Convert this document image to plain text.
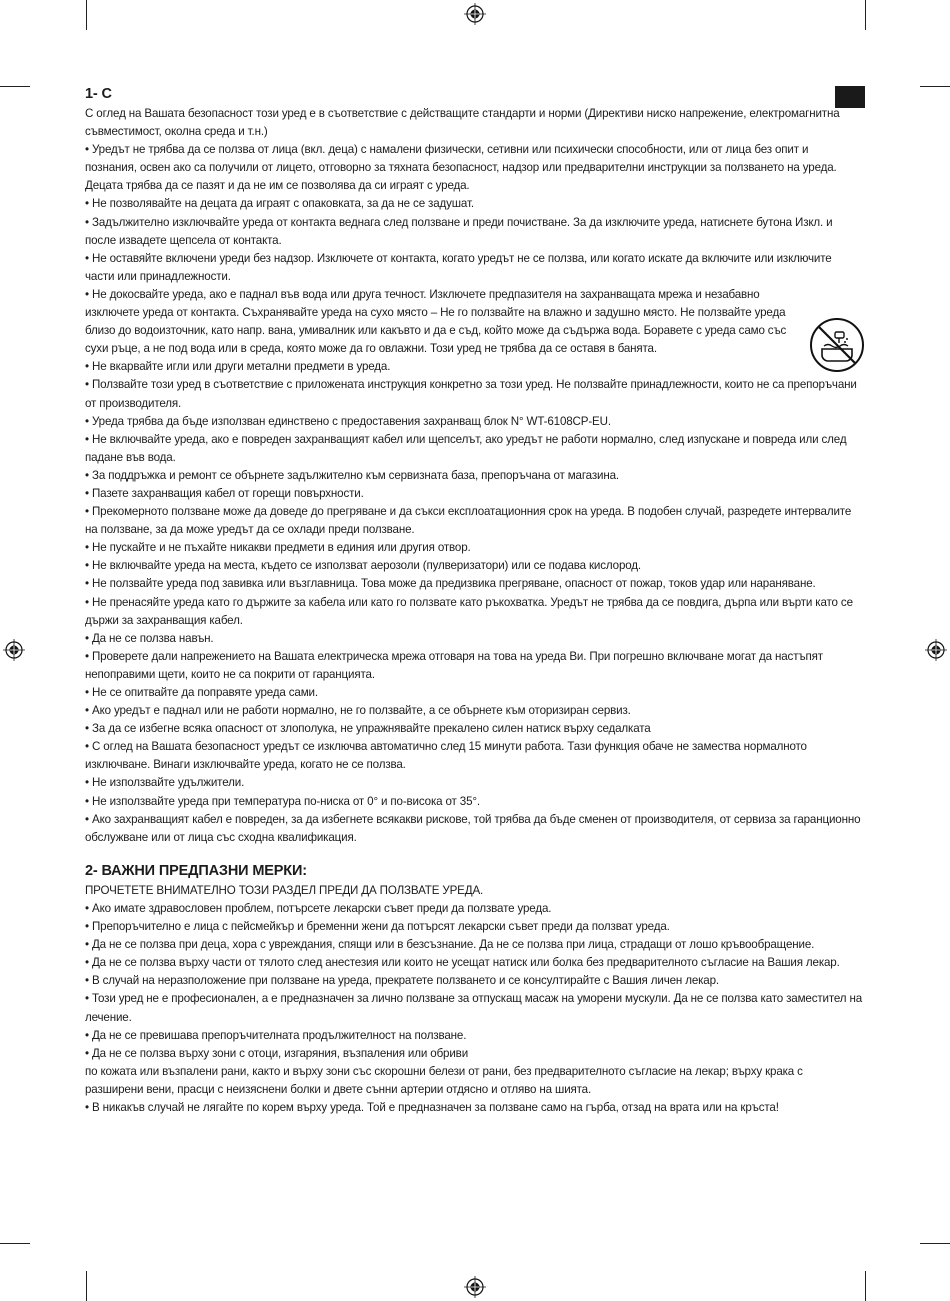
1- С

С оглед на Вашата безопасност този уред е в съответствие с действащите стандарти и норми (Директиви ниско напрежение, електромагнитна съвместимост, околна среда и т.н.)

• Уредът не трябва да се ползва от лица (вкл. деца) с намалени физически, сетивни или психически способности, или от лица без опит и познания, освен ако са получили от лицето, отговорно за тяхната безопасност, надзор или предварителни инструкции за ползването на уреда. Децата трябва да се пазят и да не им се позволява да си играят с уреда.

• Не позволявайте на децата да играят с опаковката, за да не се задушат.

• Задължително изключвайте уреда от контакта веднага след ползване и преди почистване. За да изключите уреда, натиснете бутона Изкл. и после извадете щепсела от контакта.

• Не оставяйте включени уреди без надзор. Изключете от контакта, когато уредът не се ползва, или когато искате да включите или изключите части или принадлежности.

• Не докосвайте уреда, ако е паднал във вода или друга течност. Изключете предпазителя на захранващата мрежа и незабавно изключете уреда от контакта. Съхранявайте уреда на сухо място – Не го ползвайте на влажно и задушно място. Не ползвайте уреда близо до водоизточник, като напр. вана, умивалник или какъвто и да е съд, който може да съдържа вода. Боравете с уреда само със сухи ръце, а не под вода или в среда, която може да го овлажни. Този уред не трябва да се оставя в банята.

• Не вкарвайте игли или други метални предмети в уреда.

• Ползвайте този уред в съответствие с приложената инструкция конкретно за този уред. Не ползвайте принадлежности, които не са препоръчани от производителя.

• Уреда трябва да бъде използван единствено с предоставения захранващ блок N° WT-6108CP-EU.

• Не включвайте уреда, ако е повреден захранващият кабел или щепселът, ако уредът не работи нормално, след изпускане и повреда или след падане във вода.

• За поддръжка и ремонт се обърнете задължително към сервизната база, препоръчана от магазина.

• Пазете захранващия кабел от горещи повърхности.

• Прекомерното ползване може да доведе до прегряване и да съкси експлоатационния срок на уреда. В подобен случай, разредете интервалите на ползване, за да може уредът да се охлади преди ползване.

• Не пускайте и не пъхайте никакви предмети в единия или другия отвор.

• Не включвайте уреда на места, където се използват аерозоли (пулверизатори) или се подава кислород.

• Не ползвайте уреда под завивка или възглавница. Това може да предизвика прегряване, опасност от пожар, токов удар или нараняване.

• Не пренасяйте уреда като го държите за кабела или като го ползвате като ръкохватка. Уредът не трябва да се повдига, дърпа или върти като се държи за захранващия кабел.

• Да не се ползва навън.

• Проверете дали напрежението на Вашата електрическа мрежа отговаря на това на уреда Ви. При погрешно включване могат да настъпят непоправими щети, които не са покрити от гаранцията.

• Не се опитвайте да поправяте уреда сами.

• Ако уредът е паднал или не работи нормално, не го ползвайте, а се обърнете към оторизиран сервиз.

• За да се избегне всяка опасност от злополука, не упражнявайте прекалено силен натиск върху седалката

• С оглед на Вашата безопасност уредът се изключва автоматично след 15 минути работа. Тази функция обаче не замества нормалното изключване. Винаги изключвайте уреда, когато не се ползва.

• Не използвайте удължители.

• Не използвайте уреда при температура по-ниска от 0° и по-висока от 35°.

• Ако захранващият кабел е повреден, за да избегнете всякакви рискове, той трябва да бъде сменен от производителя, от сервиза за гаранционно обслужване или от лица със сходна квалификация.

2- ВАЖНИ ПРЕДПАЗНИ МЕРКИ:

ПРОЧЕТЕТЕ ВНИМАТЕЛНО ТОЗИ РАЗДЕЛ ПРЕДИ ДА ПОЛЗВАТЕ УРЕДА.

• Ако имате здравословен проблем, потърсете лекарски съвет преди да ползвате уреда.

• Препоръчително е лица с пейсмейкър и бременни жени да потърсят лекарски съвет преди да ползват уреда.

• Да не се ползва при деца, хора с увреждания, спящи или в безсъзнание. Да не се ползва при лица, страдащи от лошо кръвообращение.

• Да не се ползва върху части от тялото след анестезия или които не усещат натиск или болка без предварителното съгласие на Вашия лекар.

• В случай на неразположение при ползване на уреда, прекратете ползването и се консултирайте с Вашия личен лекар.

• Този уред не е професионален, а е предназначен за лично ползване за отпускащ масаж на уморени мускули. Да не се ползва като заместител на лечение.

• Да не се превишава препоръчителната продължителност на ползване.

• Да не се ползва върху зони с отоци, изгаряния, възпаления или обриви

по кожата или възпалени рани, както и върху зони със скорошни белези от рани, без предварителното съгласие на лекар; върху крака с разширени вени, прасци с неизяснени болки и двете сънни артерии отдясно и отляво на шията.

• В никакъв случай не лягайте по корем върху уреда. Той е предназначен за ползване само на гърба, отзад на врата или на кръста!
